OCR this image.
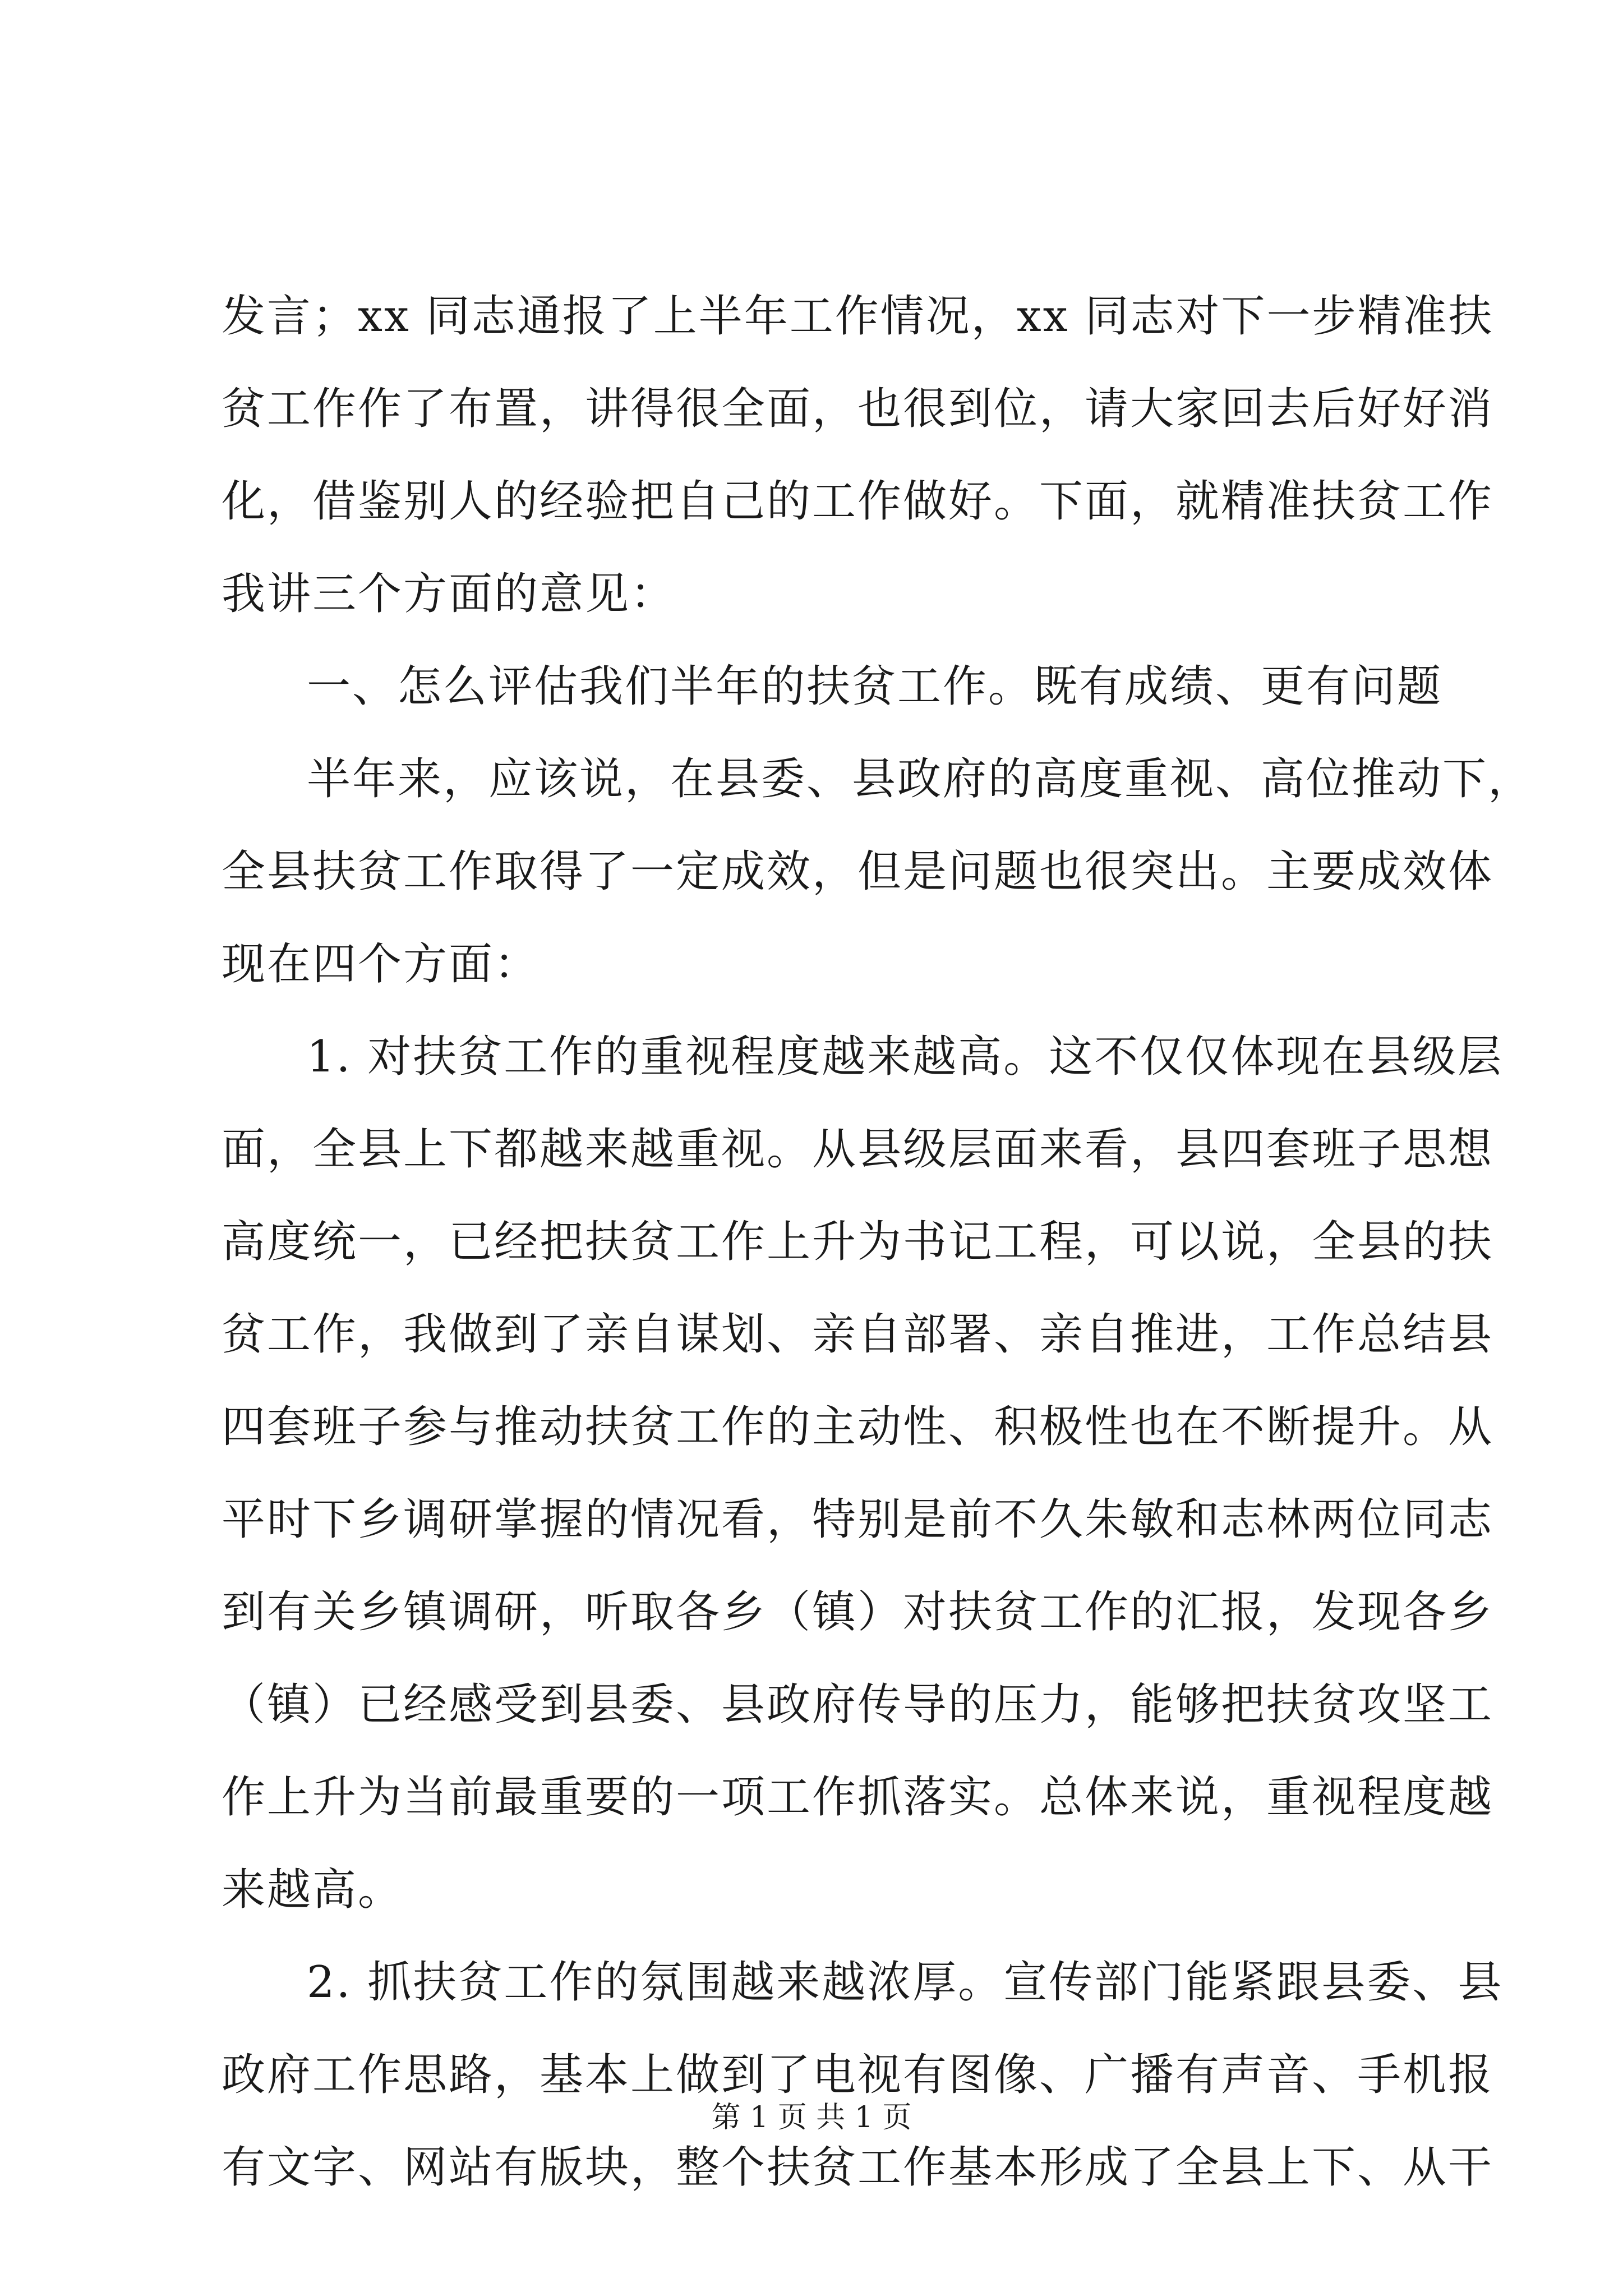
发言；xx 同志通报了上半年工作情况，xx 同志对下一步精准扶
贫工作作了布置，讲得很全面，也很到位，请大家回去后好好消
化，借鉴别人的经验把自己的工作做好。下面，就精准扶贫工作
我讲三个方面的意见：
一、怎么评估我们半年的扶贫工作。既有成绩、更有问题
半年来，应该说，在县委、县政府的高度重视、高位推动下，
全县扶贫工作取得了一定成效，但是问题也很突出。主要成效体
现在四个方面：
1. 对扶贫工作的重视程度越来越高。这不仅仅体现在县级层
面，全县上下都越来越重视。从县级层面来看，县四套班子思想
高度统一，已经把扶贫工作上升为书记工程，可以说，全县的扶
贫工作，我做到了亲自谋划、亲自部署、亲自推进，工作总结县
四套班子参与推动扶贫工作的主动性、积极性也在不断提升。从
平时下乡调研掌握的情况看，特别是前不久朱敏和志林两位同志
到有关乡镇调研，听取各乡（镇）对扶贫工作的汇报，发现各乡
（镇）已经感受到县委、县政府传导的压力，能够把扶贫攻坚工
作上升为当前最重要的一项工作抓落实。总体来说，重视程度越
来越高。
2. 抓扶贫工作的氛围越来越浓厚。宣传部门能紧跟县委、县
政府工作思路，基本上做到了电视有图像、广播有声音、手机报
有文字、网站有版块，整个扶贫工作基本形成了全县上下、从干
第 1 页 共 1 页
